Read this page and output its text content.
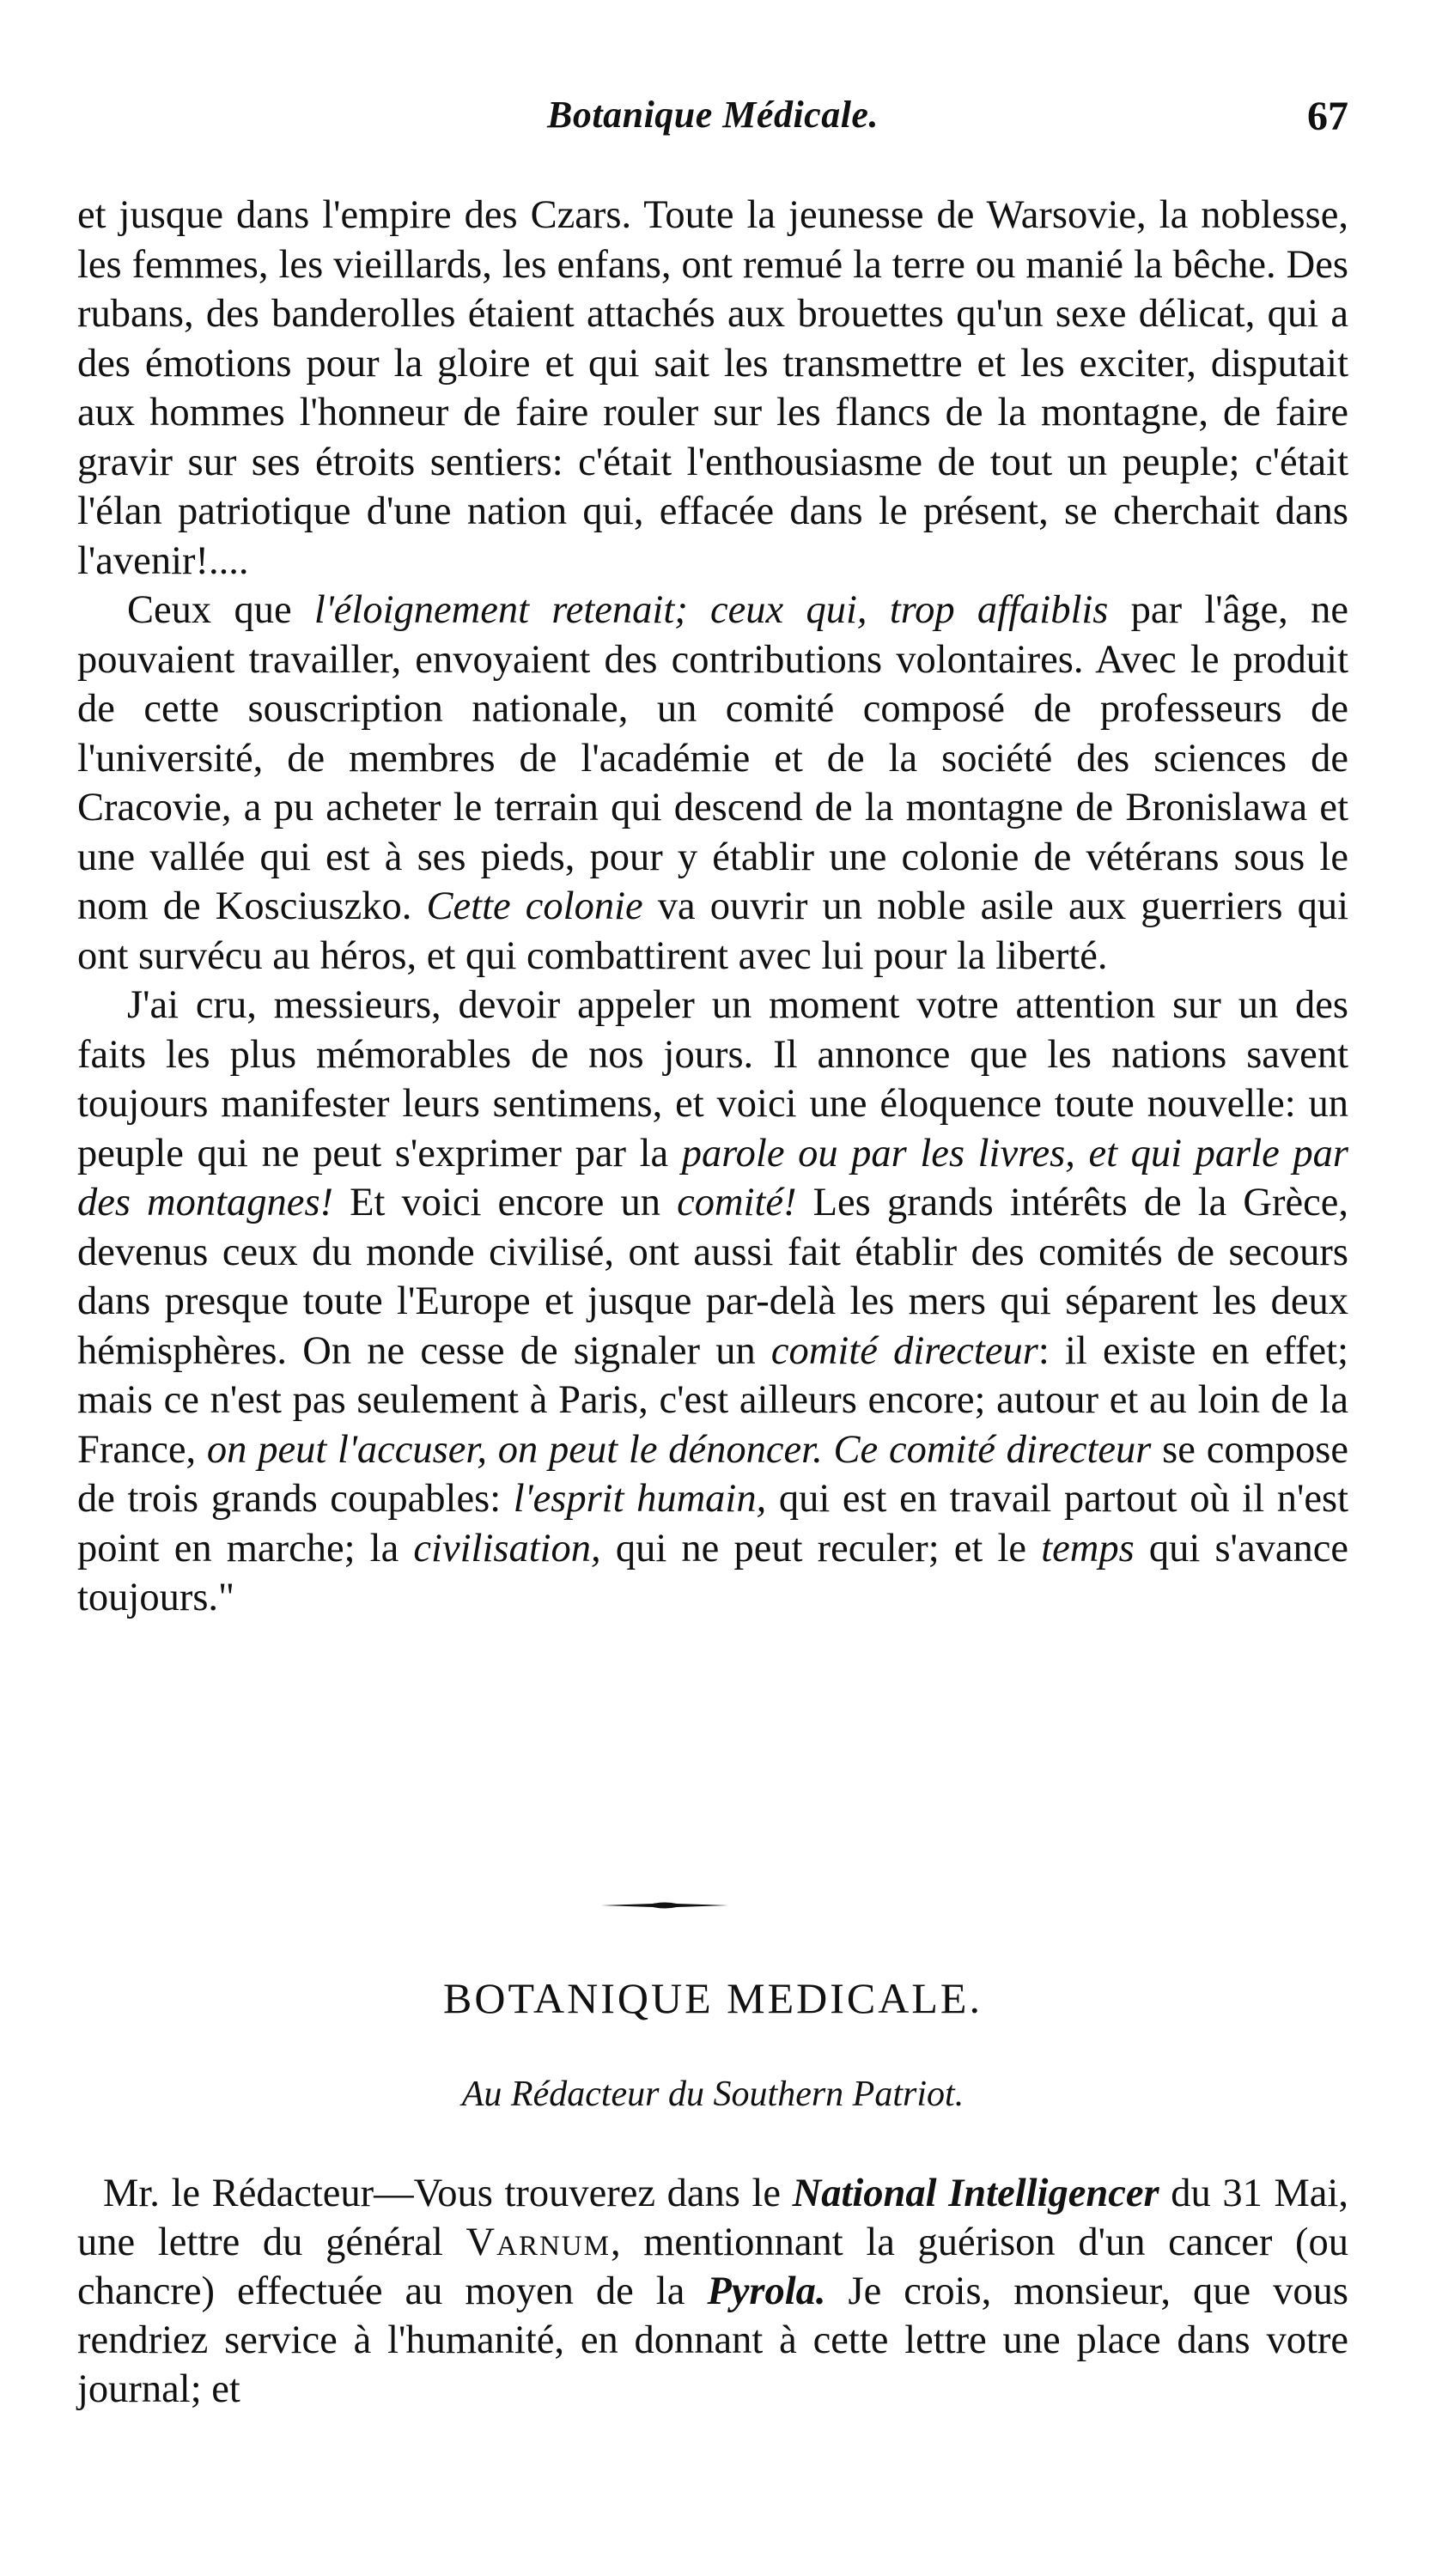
Botanique Médicale.	67

et jusque dans l'empire des Czars. Toute la jeunesse de Warsovie, la noblesse, les femmes, les vieillards, les enfans, ont remué la terre ou manié la bêche. Des rubans, des banderolles étaient attachés aux brouettes qu'un sexe délicat, qui a des émotions pour la gloire et qui sait les transmettre et les exciter, disputait aux hommes l'honneur de faire rouler sur les flancs de la montagne, de faire gravir sur ses étroits sentiers: c'était l'enthousiasme de tout un peuple; c'était l'élan patriotique d'une nation qui, effacée dans le présent, se cherchait dans l'avenir!....

Ceux que l'éloignement retenait; ceux qui, trop affaiblis par l'âge, ne pouvaient travailler, envoyaient des contributions volontaires. Avec le produit de cette souscription nationale, un comité composé de professeurs de l'université, de membres de l'académie et de la société des sciences de Cracovie, a pu acheter le terrain qui descend de la montagne de Bronislawa et une vallée qui est à ses pieds, pour y établir une colonie de vétérans sous le nom de Kosciuszko. Cette colonie va ouvrir un noble asile aux guerriers qui ont survécu au héros, et qui combattirent avec lui pour la liberté.

J'ai cru, messieurs, devoir appeler un moment votre attention sur un des faits les plus mémorables de nos jours. Il annonce que les nations savent toujours manifester leurs sentimens, et voici une éloquence toute nouvelle: un peuple qui ne peut s'exprimer par la parole ou par les livres, et qui parle par des montagnes! Et voici encore un comité! Les grands intérêts de la Grèce, devenus ceux du monde civilisé, ont aussi fait établir des comités de secours dans presque toute l'Europe et jusque par-delà les mers qui séparent les deux hémisphères. On ne cesse de signaler un comité directeur: il existe en effet; mais ce n'est pas seulement à Paris, c'est ailleurs encore; autour et au loin de la France, on peut l'accuser, on peut le dénoncer. Ce comité directeur se compose de trois grands coupables: l'esprit humain, qui est en travail partout où il n'est point en marche; la civilisation, qui ne peut reculer; et le temps qui s'avance toujours."

BOTANIQUE MEDICALE.
Au Rédacteur du Southern Patriot.

Mr. le Rédacteur—Vous trouverez dans le National Intelligencer du 31 Mai, une lettre du général Varnum, mentionnant la guérison d'un cancer (ou chancre) effectuée au moyen de la Pyrola. Je crois, monsieur, que vous rendriez service à l'humanité, en donnant à cette lettre une place dans votre journal; et
